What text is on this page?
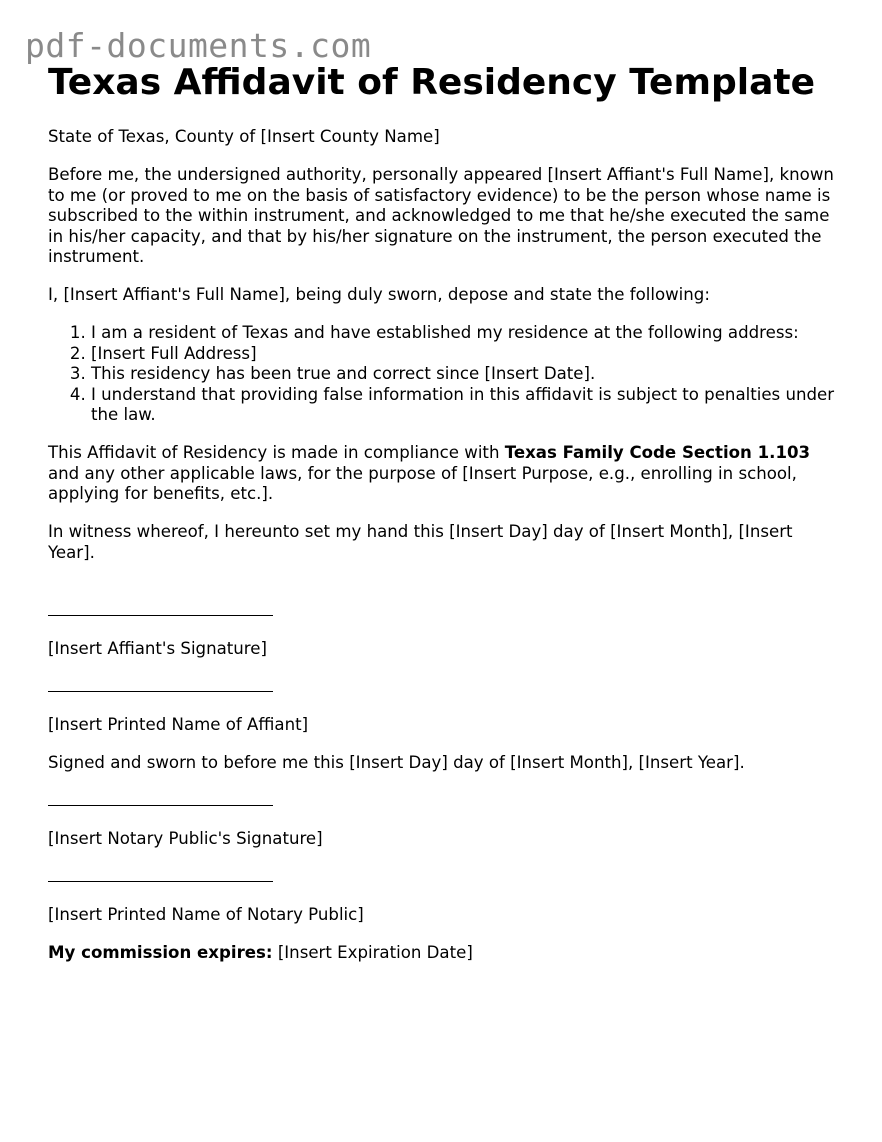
pdf-documents.com
Texas Affidavit of Residency Template

State of Texas, County of [Insert County Name]

Before me, the undersigned authority, personally appeared [Insert Affiant's Full Name], known to me (or proved to me on the basis of satisfactory evidence) to be the person whose name is subscribed to the within instrument, and acknowledged to me that he/she executed the same in his/her capacity, and that by his/her signature on the instrument, the person executed the instrument.

I, [Insert Affiant's Full Name], being duly sworn, depose and state the following:

1. I am a resident of Texas and have established my residence at the following address:
2. [Insert Full Address]
3. This residency has been true and correct since [Insert Date].
4. I understand that providing false information in this affidavit is subject to penalties under the law.

This Affidavit of Residency is made in compliance with Texas Family Code Section 1.103 and any other applicable laws, for the purpose of [Insert Purpose, e.g., enrolling in school, applying for benefits, etc.].

In witness whereof, I hereunto set my hand this [Insert Day] day of [Insert Month], [Insert Year].

[Insert Affiant's Signature]

[Insert Printed Name of Affiant]

Signed and sworn to before me this [Insert Day] day of [Insert Month], [Insert Year].

[Insert Notary Public's Signature]

[Insert Printed Name of Notary Public]

My commission expires: [Insert Expiration Date]
